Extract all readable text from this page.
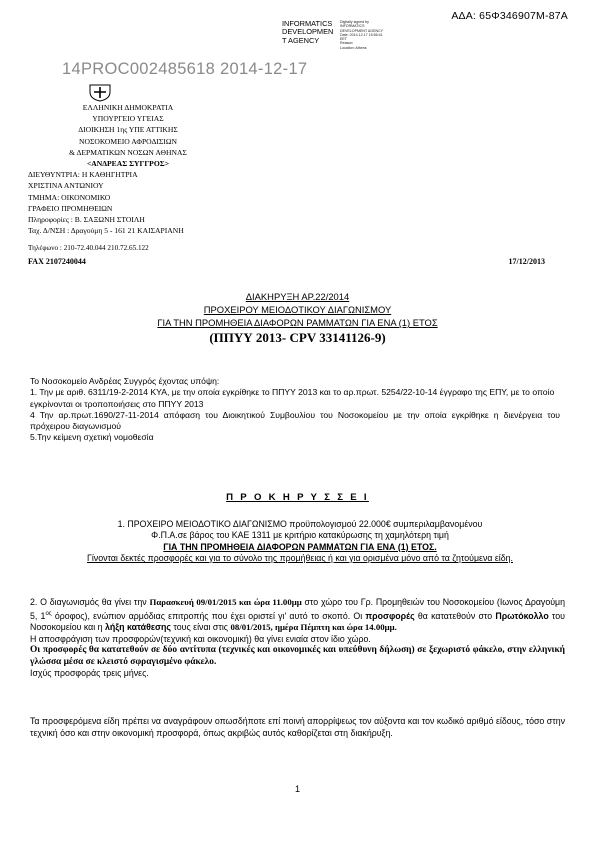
ΑΔΑ: 65Φ346907Μ-87Α
INFORMATICS
DEVELOPMEN
T AGENCY
Digitally signed by
INFORMATICS
DEVELOPMENT AGENCY
Date: 2014.12.17 15:56:41
EET
Reason:
Location: Athens
14PROC002485618 2014-12-17
ΕΛΛΗΝΙΚΗ ΔΗΜΟΚΡΑΤΙΑ
ΥΠΟΥΡΓΕΙΟ ΥΓΕΙΑΣ
ΔΙΟΙΚΗΣΗ 1ης ΥΠΕ ΑΤΤΙΚΗΣ
ΝΟΣΟΚΟΜΕΙΟ ΑΦΡΟΔΙΣΙΩΝ
& ΔΕΡΜΑΤΙΚΩΝ ΝΟΣΩΝ ΑΘΗΝΑΣ
<ΑΝΔΡΕΑΣ ΣΥΓΓΡΟΣ>
ΔΙΕΥΘΥΝΤΡΙΑ: Η ΚΑΘΗΓΗΤΡΙΑ
ΧΡΙΣΤΙΝΑ ΑΝΤΩΝΙΟΥ
ΤΜΗΜΑ: ΟΙΚΟΝΟΜΙΚΟ
ΓΡΑΦΕΙΟ ΠΡΟΜΗΘΕΙΩΝ
Πληροφορίες : Β. ΣΑΞΩΝΗ ΣΤΟΙΛΗ
Ταχ. Δ/ΝΣΗ : Δραγούμη 5 - 161 21 ΚΑΙΣΑΡΙΑΝΗ
Τηλέφωνο : 210-72.40.044 210.72.65.122
FAX 2107240044	17/12/2013
ΔΙΑΚΗΡΥΞΗ ΑΡ.22/2014
ΠΡΟΧΕΙΡΟΥ ΜΕΙΟΔΟΤΙΚΟΥ ΔΙΑΓΩΝΙΣΜΟΥ
ΓΙΑ ΤΗΝ ΠΡΟΜΗΘΕΙΑ ΔΙΑΦΟΡΩΝ ΡΑΜΜΑΤΩΝ ΓΙΑ ΕΝΑ (1) ΕΤΟΣ
(ΠΠΥΥ 2013- CPV 33141126-9)
Το Νοσοκομείο Ανδρέας Συγγρός έχοντας υπόψη:
1. Την με αριθ. 6311/19-2-2014 ΚΥΑ, με την οποία εγκρίθηκε το ΠΠΥΥ 2013 και το αρ.πρωτ. 5254/22-10-14 έγγραφο της ΕΠΥ, με το οποίο εγκρίνονται οι τροποποιήσεις στο ΠΠΥΥ 2013
4 Την αρ.πρωτ.1690/27-11-2014 απόφαση του Διοικητικού Συμβουλίου του Νοσοκομείου με την οποία εγκρίθηκε η διενέργεια του πρόχειρου διαγωνισμού
5.Την κείμενη σχετική νομοθεσία
Π Ρ Ο Κ Η Ρ Υ Σ Σ Ε Ι
1. ΠΡΟΧΕΙΡΟ ΜΕΙΟΔΟΤΙΚΟ ΔΙΑΓΩΝΙΣΜΟ προϋπολογισμού 22.000€ συμπεριλαμβανομένου
Φ.Π.Α.σε βάρος του ΚΑΕ 1311 με κριτήριο κατακύρωσης τη χαμηλότερη τιμή
ΓΙΑ ΤΗΝ ΠΡΟΜΗΘΕΙΑ ΔΙΑΦΟΡΩΝ ΡΑΜΜΑΤΩΝ ΓΙΑ ΕΝΑ (1) ΕΤΟΣ.
Γίνονται δεκτές προσφορές και για το σύνολο της προμήθειας ή και για ορισμένα μόνο από τα ζητούμενα είδη.
2. Ο διαγωνισμός θα γίνει την Παρασκευή 09/01/2015 και ώρα 11.00μμ στο χώρο του Γρ. Προμηθειών του Νοσοκομείου (Ιωνος Δραγούμη 5, $1^{o\varsigma}$ όροφος), ενώπιον αρμόδιας επιτροπής που έχει οριστεί γι' αυτό το σκοπό. Οι προσφορές θα κατατεθούν στο Πρωτόκολλο του Νοσοκομείου και η λήξη κατάθεσης τους είναι στις 08/01/2015, ημέρα Πέμπτη και ώρα 14.00μμ.
Η αποσφράγιση των προσφορών(τεχνική και οικονομική) θα γίνει ενιαία στον ίδιο χώρο.
Οι προσφορές θα κατατεθούν σε δύο αντίτυπα (τεχνικές και οικονομικές και υπεύθυνη δήλωση) σε ξεχωριστό φάκελο, στην ελληνική γλώσσα μέσα σε κλειστό σφραγισμένο φάκελο.
Ισχύς προσφοράς τρεις μήνες.
Τα προσφερόμενα είδη πρέπει να αναγράφουν οπωσδήποτε επί ποινή απορρίψεως τον αύξοντα και τον κωδικό αριθμό είδους, τόσο στην τεχνική όσο και στην οικονομική προσφορά, όπως ακριβώς αυτός καθορίζεται στη διακήρυξη.
1
